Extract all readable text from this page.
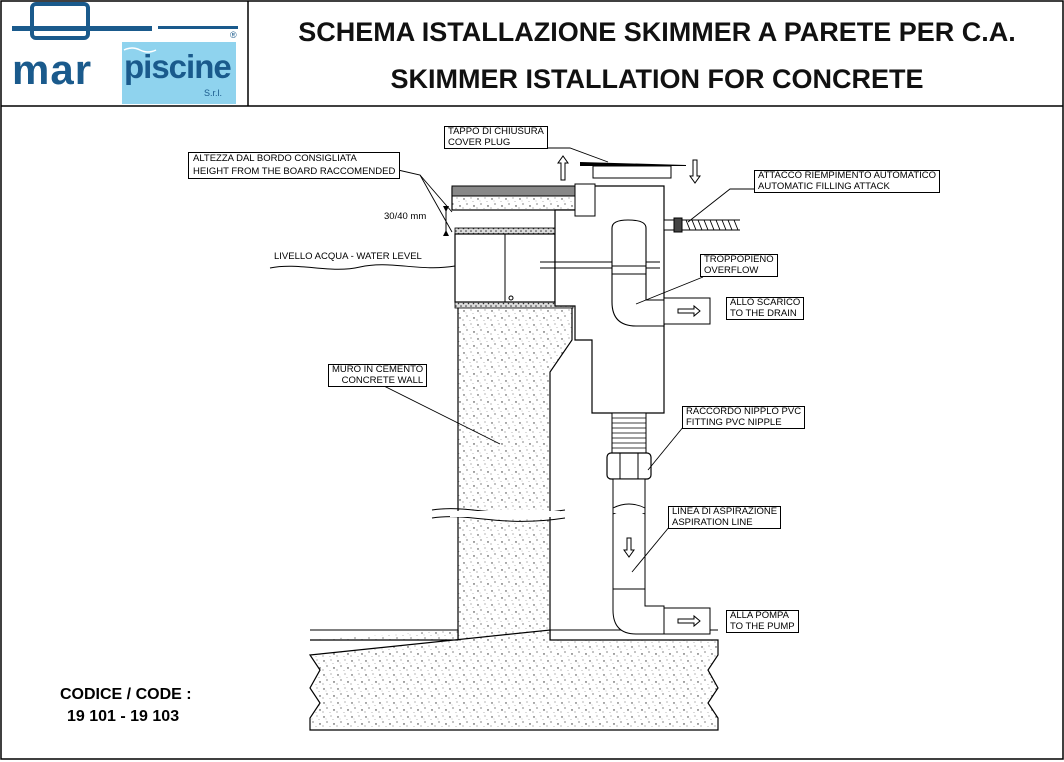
mar piscine
S.r.l.
®	SCHEMA ISTALLAZIONE SKIMMER A PARETE PER C.A.
SKIMMER ISTALLATION FOR CONCRETE
TAPPO DI CHIUSURA
COVER PLUG
ALTEZZA DAL BORDO CONSIGLIATA
HEIGHT FROM THE BOARD RACCOMENDED
30/40 mm
LIVELLO ACQUA - WATER LEVEL
ATTACCO RIEMPIMENTO AUTOMATICO
AUTOMATIC FILLING ATTACK
TROPPOPIENO
OVERFLOW
ALLO SCARICO
TO THE DRAIN
MURO IN CEMENTO
CONCRETE WALL
RACCORDO NIPPLO PVC
FITTING PVC NIPPLE
LINEA DI ASPIRAZIONE
ASPIRATION LINE
ALLA POMPA
TO THE PUMP
CODICE / CODE :
19 101 - 19 103
